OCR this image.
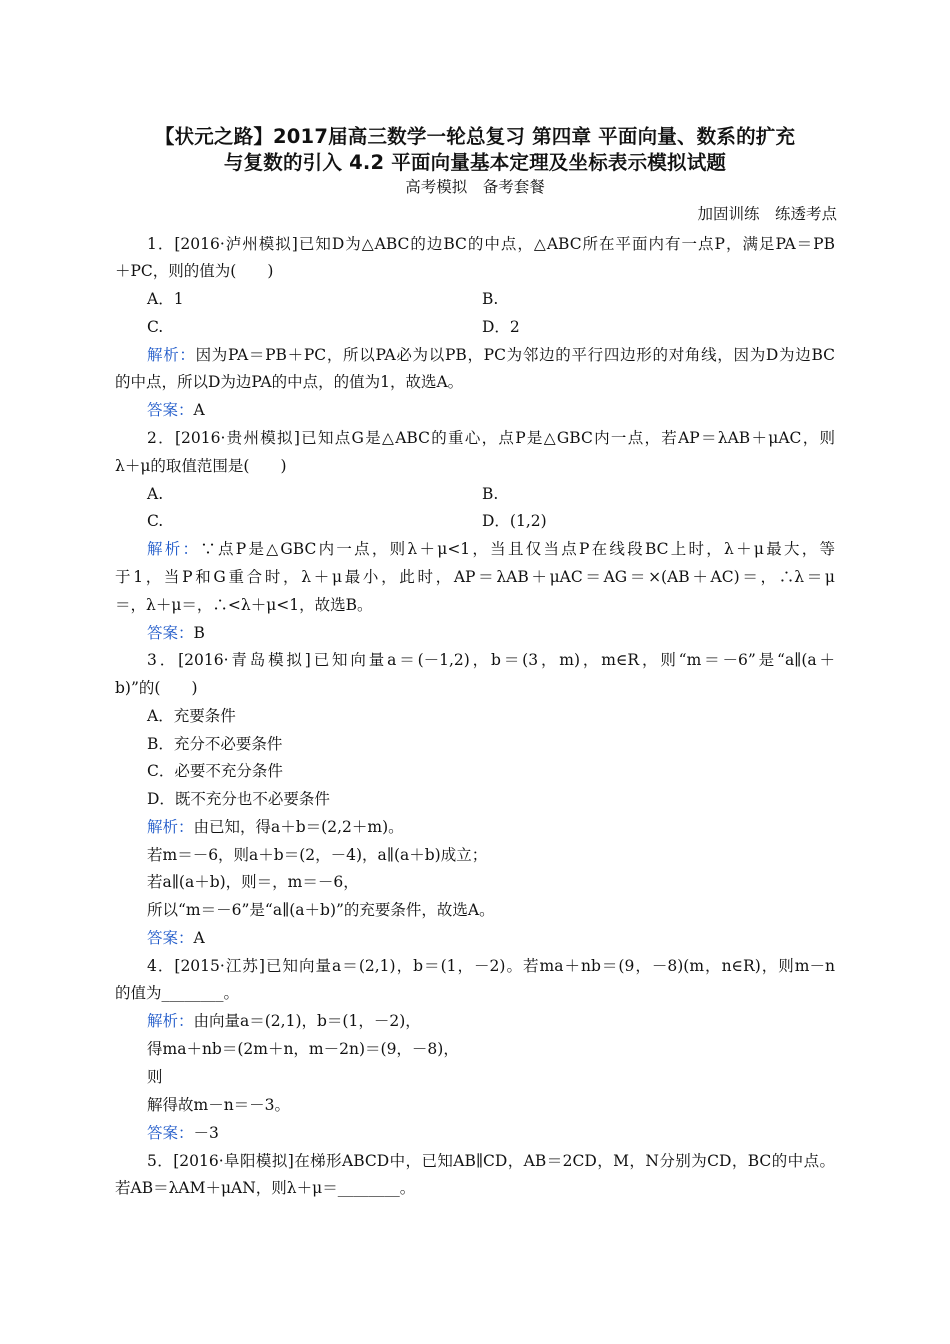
【状元之路】2017届高三数学一轮总复习 第四章 平面向量、数系的扩充
与复数的引入 4.2 平面向量基本定理及坐标表示模拟试题
高考模拟　备考套餐
加固训练　练透考点
1．[2016·泸州模拟]已知D为△ABC的边BC的中点，△ABC所在平面内有一点P，满足PA＝PB
＋PC，则的值为(　　)
A．1	B.
C.	D．2
解析：因为PA＝PB＋PC，所以PA必为以PB，PC为邻边的平行四边形的对角线，因为D为边BC
的中点，所以D为边PA的中点，的值为1，故选A。
答案：A
2．[2016·贵州模拟]已知点G是△ABC的重心，点P是△GBC内一点，若AP＝λAB＋μAC，则
λ＋μ的取值范围是(　　)
A.	B.
C.	D．(1,2)
解析：∵点P是△GBC内一点，则λ＋μ<1，当且仅当点P在线段BC上时，λ＋μ最大，等
于1，当P和G重合时，λ＋μ最小，此时，AP＝λAB＋μAC＝AG＝×(AB＋AC)＝，∴λ＝μ
＝，λ＋μ＝，∴<λ＋μ<1，故选B。
答案：B
3．[2016·青岛模拟]已知向量a＝(－1,2)，b＝(3，m)，m∈R，则“m＝－6”是“a∥(a＋
b)”的(　　)
A．充要条件
B．充分不必要条件
C．必要不充分条件
D．既不充分也不必要条件
解析：由已知，得a＋b＝(2,2＋m)。
若m＝－6，则a＋b＝(2，－4)，a∥(a＋b)成立；
若a∥(a＋b)，则＝，m＝－6，
所以“m＝－6”是“a∥(a＋b)”的充要条件，故选A。
答案：A
4．[2015·江苏]已知向量a＝(2,1)，b＝(1，－2)。若ma＋nb＝(9，－8)(m，n∈R)，则m－n
的值为________。
解析：由向量a＝(2,1)，b＝(1，－2)，
得ma＋nb＝(2m＋n，m－2n)＝(9，－8)，
则
解得故m－n＝－3。
答案：－3
5．[2016·阜阳模拟]在梯形ABCD中，已知AB∥CD，AB＝2CD，M，N分别为CD，BC的中点。
若AB＝λAM＋μAN，则λ＋μ＝________。
